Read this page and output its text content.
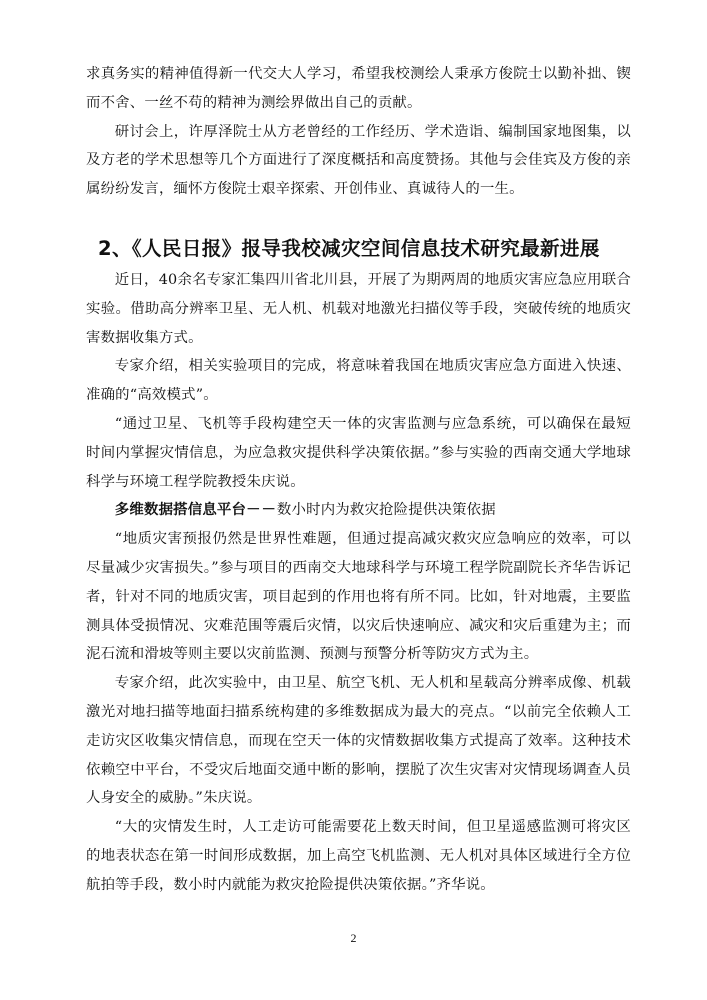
求真务实的精神值得新一代交大人学习，希望我校测绘人秉承方俊院士以勤补拙、锲而不舍、一丝不苟的精神为测绘界做出自己的贡献。

研讨会上，许厚泽院士从方老曾经的工作经历、学术造诣、编制国家地图集，以及方老的学术思想等几个方面进行了深度概括和高度赞扬。其他与会佳宾及方俊的亲属纷纷发言，缅怀方俊院士艰辛探索、开创伟业、真诚待人的一生。

2、《人民日报》报导我校减灾空间信息技术研究最新进展

近日，40余名专家汇集四川省北川县，开展了为期两周的地质灾害应急应用联合实验。借助高分辨率卫星、无人机、机载对地激光扫描仪等手段，突破传统的地质灾害数据收集方式。

专家介绍，相关实验项目的完成，将意味着我国在地质灾害应急方面进入快速、准确的“高效模式”。

“通过卫星、飞机等手段构建空天一体的灾害监测与应急系统，可以确保在最短时间内掌握灾情信息，为应急救灾提供科学决策依据。”参与实验的西南交通大学地球科学与环境工程学院教授朱庆说。

多维数据搭信息平台－－数小时内为救灾抢险提供决策依据

“地质灾害预报仍然是世界性难题，但通过提高减灾救灾应急响应的效率，可以尽量减少灾害损失。”参与项目的西南交大地球科学与环境工程学院副院长齐华告诉记者，针对不同的地质灾害，项目起到的作用也将有所不同。比如，针对地震，主要监测具体受损情况、灾难范围等震后灾情，以灾后快速响应、减灾和灾后重建为主；而泥石流和滑坡等则主要以灾前监测、预测与预警分析等防灾方式为主。

专家介绍，此次实验中，由卫星、航空飞机、无人机和星载高分辨率成像、机载激光对地扫描等地面扫描系统构建的多维数据成为最大的亮点。“以前完全依赖人工走访灾区收集灾情信息，而现在空天一体的灾情数据收集方式提高了效率。这种技术依赖空中平台，不受灾后地面交通中断的影响，摆脱了次生灾害对灾情现场调查人员人身安全的威胁。”朱庆说。

“大的灾情发生时，人工走访可能需要花上数天时间，但卫星遥感监测可将灾区的地表状态在第一时间形成数据，加上高空飞机监测、无人机对具体区域进行全方位航拍等手段，数小时内就能为救灾抢险提供决策依据。”齐华说。

2
